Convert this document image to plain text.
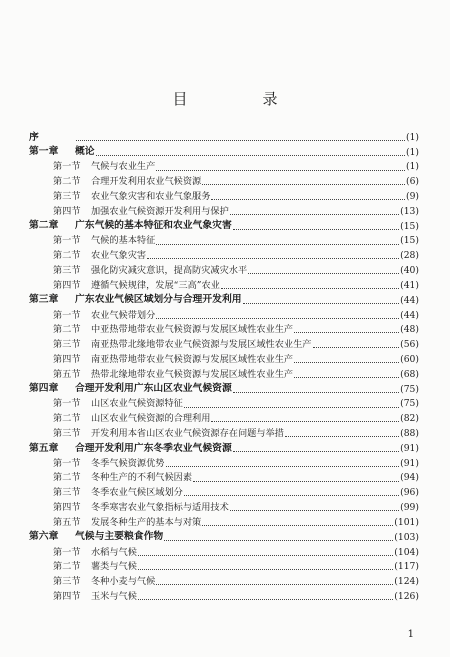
目　录
序	(1)
第一章	概论	(1)
第一节	气候与农业生产	(1)
第二节	合理开发利用农业气候资源	(6)
第三节	农业气象灾害和农业气象服务	(9)
第四节	加强农业气候资源开发利用与保护	(13)
第二章	广东气候的基本特征和农业气象灾害	(15)
第一节	气候的基本特征	(15)
第二节	农业气象灾害	(28)
第三节	强化防灾减灾意识，提高防灾减灾水平	(40)
第四节	遵循气候规律，发展“三高”农业	(41)
第三章	广东农业气候区域划分与合理开发利用	(44)
第一节	农业气候带划分	(44)
第二节	中亚热带地带农业气候资源与发展区域性农业生产	(48)
第三节	南亚热带北缘地带农业气候资源与发展区域性农业生产	(56)
第四节	南亚热带地带农业气候资源与发展区域性农业生产	(60)
第五节	热带北缘地带农业气候资源与发展区域性农业生产	(68)
第四章	合理开发利用广东山区农业气候资源	(75)
第一节	山区农业气候资源特征	(75)
第二节	山区农业气候资源的合理利用	(82)
第三节	开发利用本省山区农业气候资源存在问题与举措	(88)
第五章	合理开发利用广东冬季农业气候资源	(91)
第一节	冬季气候资源优势	(91)
第二节	冬种生产的不利气候因素	(94)
第三节	冬季农业气候区域划分	(96)
第四节	冬季寒害农业气象指标与适用技术	(99)
第五节	发展冬种生产的基本与对策	(101)
第六章	气候与主要粮食作物	(103)
第一节	水稻与气候	(104)
第二节	薯类与气候	(117)
第三节	冬种小麦与气候	(124)
第四节	玉米与气候	(126)
1
